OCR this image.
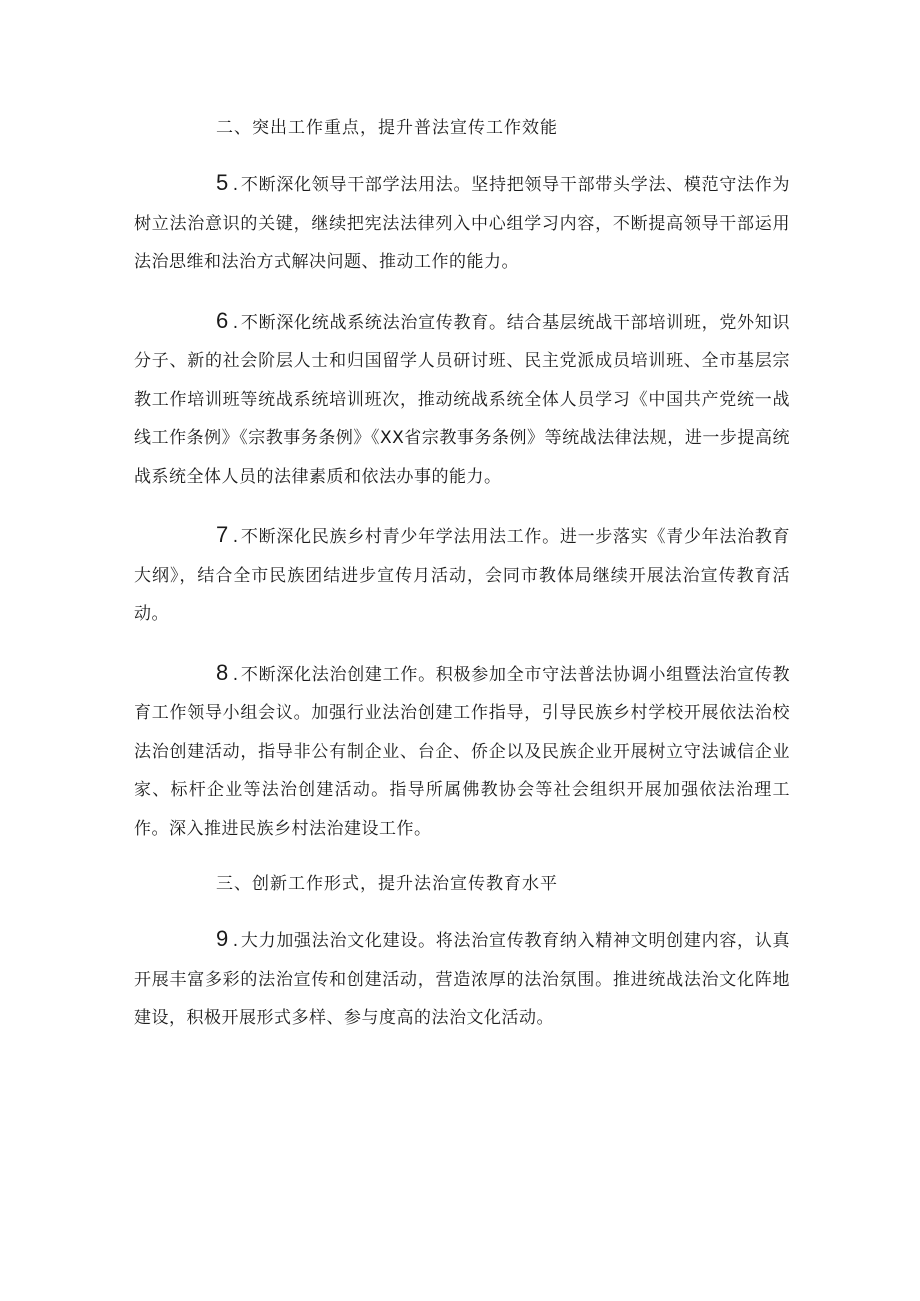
二、突出工作重点，提升普法宣传工作效能

5 . 不断深化领导干部学法用法。坚持把领导干部带头学法、模范守法作为树立法治意识的关键，继续把宪法法律列入中心组学习内容，不断提高领导干部运用法治思维和法治方式解决问题、推动工作的能力。

6 . 不断深化统战系统法治宣传教育。结合基层统战干部培训班，党外知识分子、新的社会阶层人士和归国留学人员研讨班、民主党派成员培训班、全市基层宗教工作培训班等统战系统培训班次，推动统战系统全体人员学习《中国共产党统一战线工作条例》《宗教事务条例》《XX省宗教事务条例》等统战法律法规，进一步提高统战系统全体人员的法律素质和依法办事的能力。

7 . 不断深化民族乡村青少年学法用法工作。进一步落实《青少年法治教育大纲》，结合全市民族团结进步宣传月活动，会同市教体局继续开展法治宣传教育活动。

8 . 不断深化法治创建工作。积极参加全市守法普法协调小组暨法治宣传教育工作领导小组会议。加强行业法治创建工作指导，引导民族乡村学校开展依法治校法治创建活动，指导非公有制企业、台企、侨企以及民族企业开展树立守法诚信企业家、标杆企业等法治创建活动。指导所属佛教协会等社会组织开展加强依法治理工作。深入推进民族乡村法治建设工作。

三、创新工作形式，提升法治宣传教育水平

9 . 大力加强法治文化建设。将法治宣传教育纳入精神文明创建内容，认真开展丰富多彩的法治宣传和创建活动，营造浓厚的法治氛围。推进统战法治文化阵地建设，积极开展形式多样、参与度高的法治文化活动。
